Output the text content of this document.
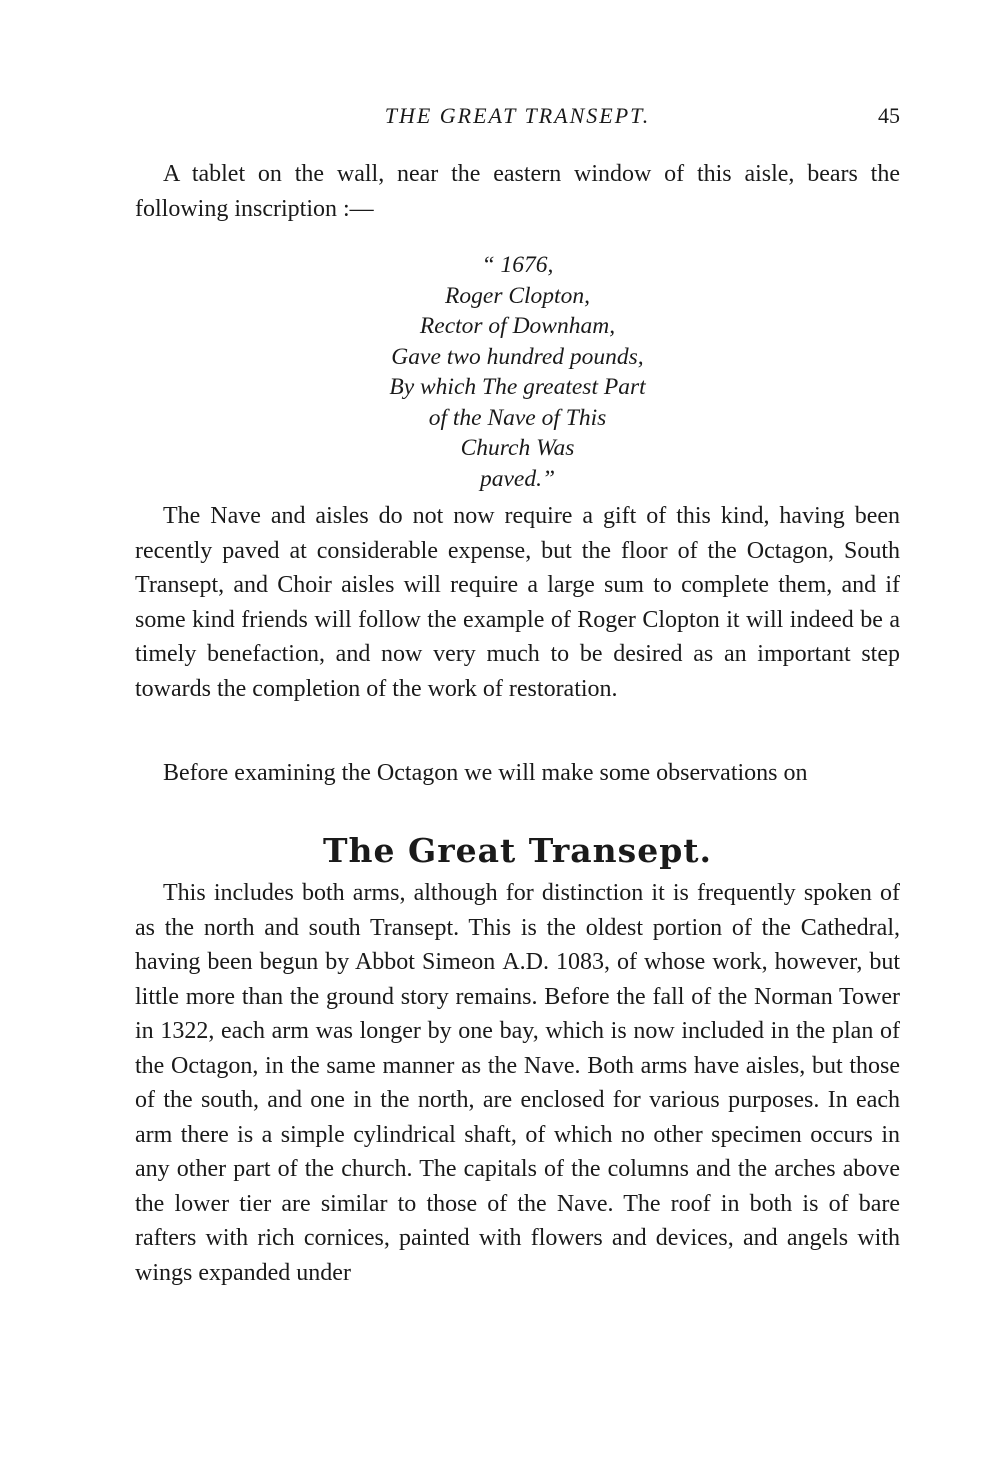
THE GREAT TRANSEPT.	45

A tablet on the wall, near the eastern window of this aisle, bears the following inscription :—

“ 1676,
Roger Clopton,
Rector of Downham,
Gave two hundred pounds,
By which The greatest Part
of the Nave of This
Church Was
paved.”

The Nave and aisles do not now require a gift of this kind, having been recently paved at considerable expense, but the floor of the Octagon, South Transept, and Choir aisles will require a large sum to complete them, and if some kind friends will follow the example of Roger Clopton it will indeed be a timely benefaction, and now very much to be desired as an important step towards the completion of the work of restoration.

Before examining the Octagon we will make some observations on

The Great Transept.

This includes both arms, although for distinction it is frequently spoken of as the north and south Transept. This is the oldest portion of the Cathedral, having been begun by Abbot Simeon A.D. 1083, of whose work, however, but little more than the ground story remains. Before the fall of the Norman Tower in 1322, each arm was longer by one bay, which is now included in the plan of the Octagon, in the same manner as the Nave. Both arms have aisles, but those of the south, and one in the north, are enclosed for various purposes. In each arm there is a simple cylindrical shaft, of which no other specimen occurs in any other part of the church. The capitals of the columns and the arches above the lower tier are similar to those of the Nave. The roof in both is of bare rafters with rich cornices, painted with flowers and devices, and angels with wings expanded under
